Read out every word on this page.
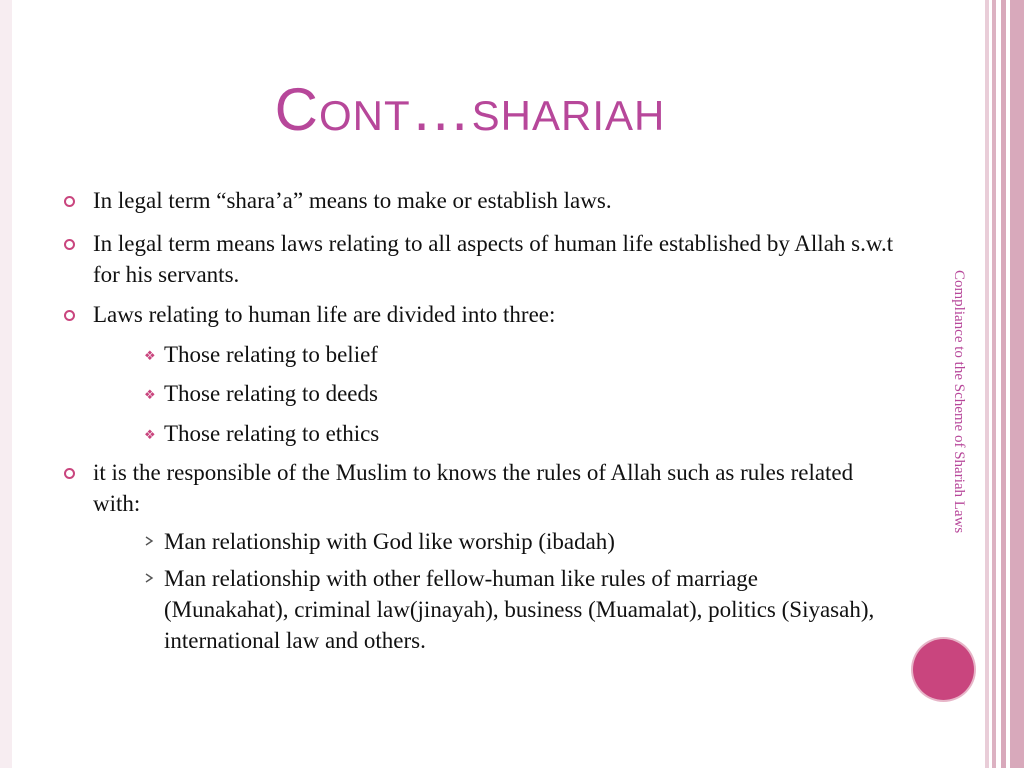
Cont…shariah
Compliance to the Scheme of Shariah Laws
In legal term “shara’a” means to make or establish laws.
In legal term means laws relating to all aspects of human life established by Allah s.w.t for his servants.
Laws relating to human life are divided into three:
❖ Those relating to belief
❖ Those relating to deeds
❖ Those relating to ethics
it is the responsible of the Muslim to knows the rules of Allah such as rules related with:
Man relationship with God like worship (ibadah)
Man relationship with other fellow-human like rules of marriage (Munakahat), criminal law(jinayah), business (Muamalat), politics (Siyasah), international law and others.
